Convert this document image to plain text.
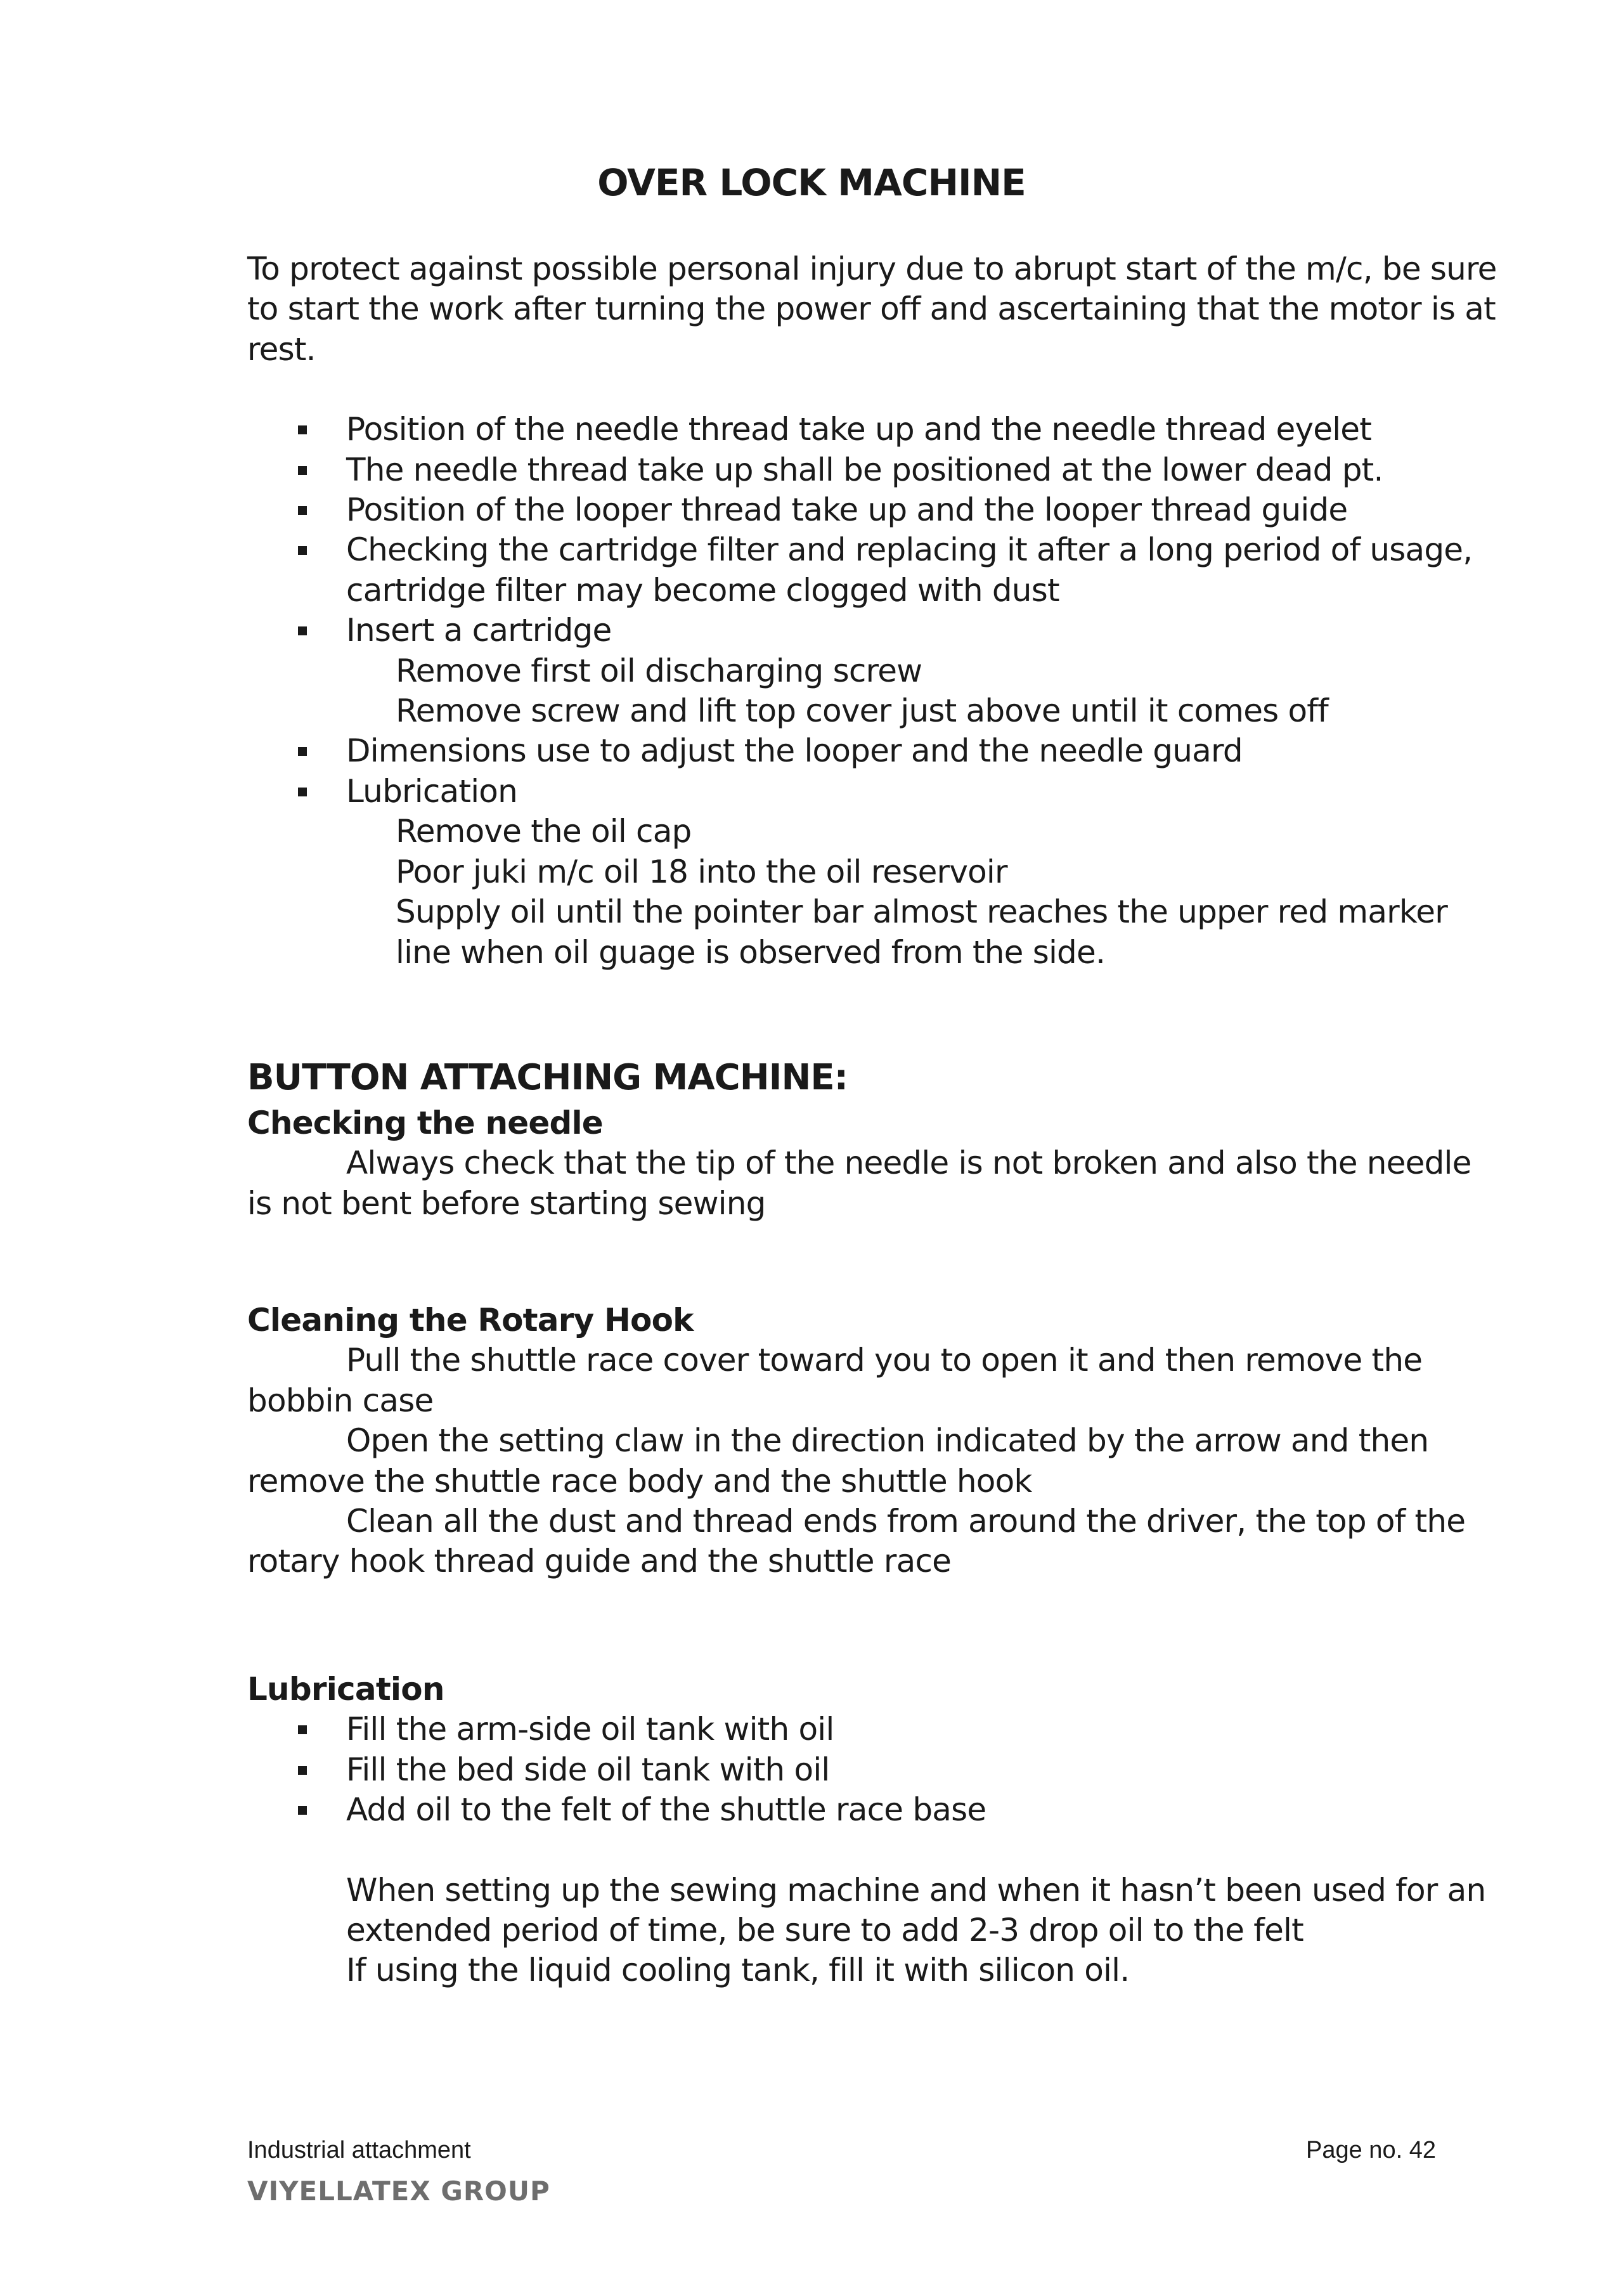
OVER LOCK MACHINE

To protect against possible personal injury due to abrupt start of the m/c, be sure to start the work after turning the power off and ascertaining that the motor is at rest.

Position of the needle thread take up and the needle thread eyelet
The needle thread take up shall be positioned at the lower dead pt.
Position of the looper thread take up and the looper thread guide
Checking the cartridge filter and replacing it after a long period of usage, cartridge filter may become clogged with dust
Insert a cartridge

Remove first oil discharging screw

Remove screw and lift top cover just above until it comes off

Dimensions use to adjust the looper and the needle guard
Lubrication

Remove the oil cap

Poor juki m/c oil 18 into the oil reservoir

Supply oil until the pointer bar almost reaches the upper red marker line when oil guage is observed from the side.

BUTTON ATTACHING MACHINE:

Checking the needle

Always check that the tip of the needle is not broken and also the needle is not bent before starting sewing

Cleaning the Rotary Hook

Pull the shuttle race cover toward you to open it and then remove the bobbin case

Open the setting claw in the direction indicated by the arrow and then remove the shuttle race body and the shuttle hook

Clean all the dust and thread ends from around the driver, the top of the rotary hook thread guide and the shuttle race

Lubrication

Fill the arm-side oil tank with oil
Fill the bed side oil tank with oil
Add oil to the felt of the shuttle race base

When setting up the sewing machine and when it hasn’t been used for an extended period of time, be sure to add 2-3 drop oil to the felt

If using the liquid cooling tank, fill it with silicon oil.

Industrial attachment	Page no. 42
VIYELLATEX GROUP
